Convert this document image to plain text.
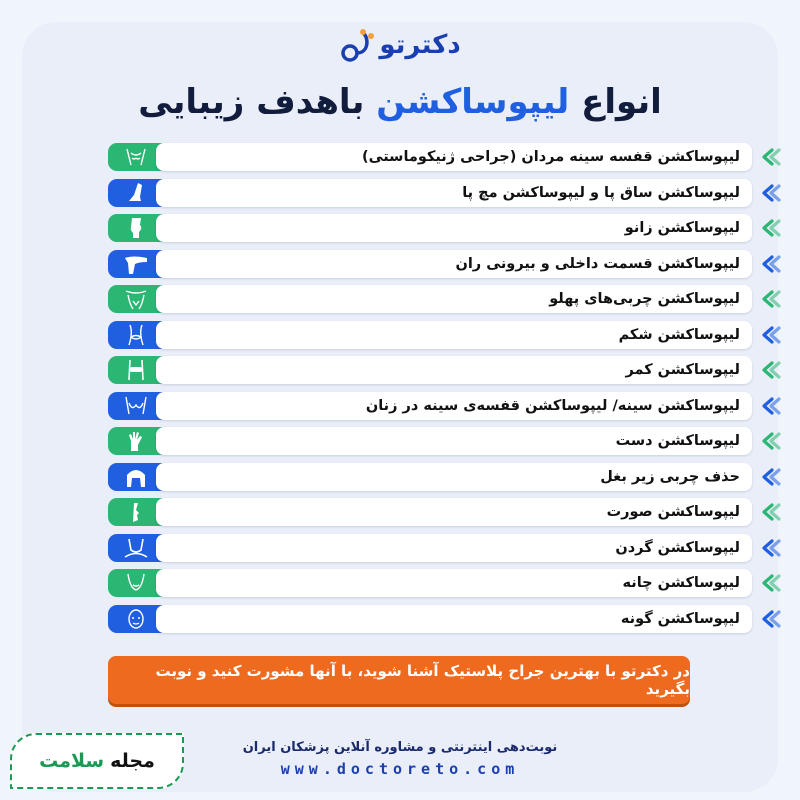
دکترتو
انواع لیپوساکشن باهدف زیبایی
لیپوساکشن قفسه سینه مردان (جراحی ژنیکوماستی)
لیپوساکشن ساق پا و لیپوساکشن مچ پا
لیپوساکشن زانو
لیپوساکشن قسمت داخلی و بیرونی ران
لیپوساکشن چربی‌های پهلو
لیپوساکشن شکم
لیپوساکشن کمر
لیپوساکشن سینه/ لیپوساکشن قفسه‌ی سینه در زنان
لیپوساکشن دست
حذف چربی زیر بغل
لیپوساکشن صورت
لیپوساکشن گردن
لیپوساکشن چانه
لیپوساکشن گونه
در دکترتو با بهترین جراح پلاستیک آشنا شوید، با آنها مشورت کنید و نوبت بگیرید
نوبت‌دهی اینترنتی و مشاوره آنلاین پزشکان ایران
www.doctoreto.com
مجله
سلامت
